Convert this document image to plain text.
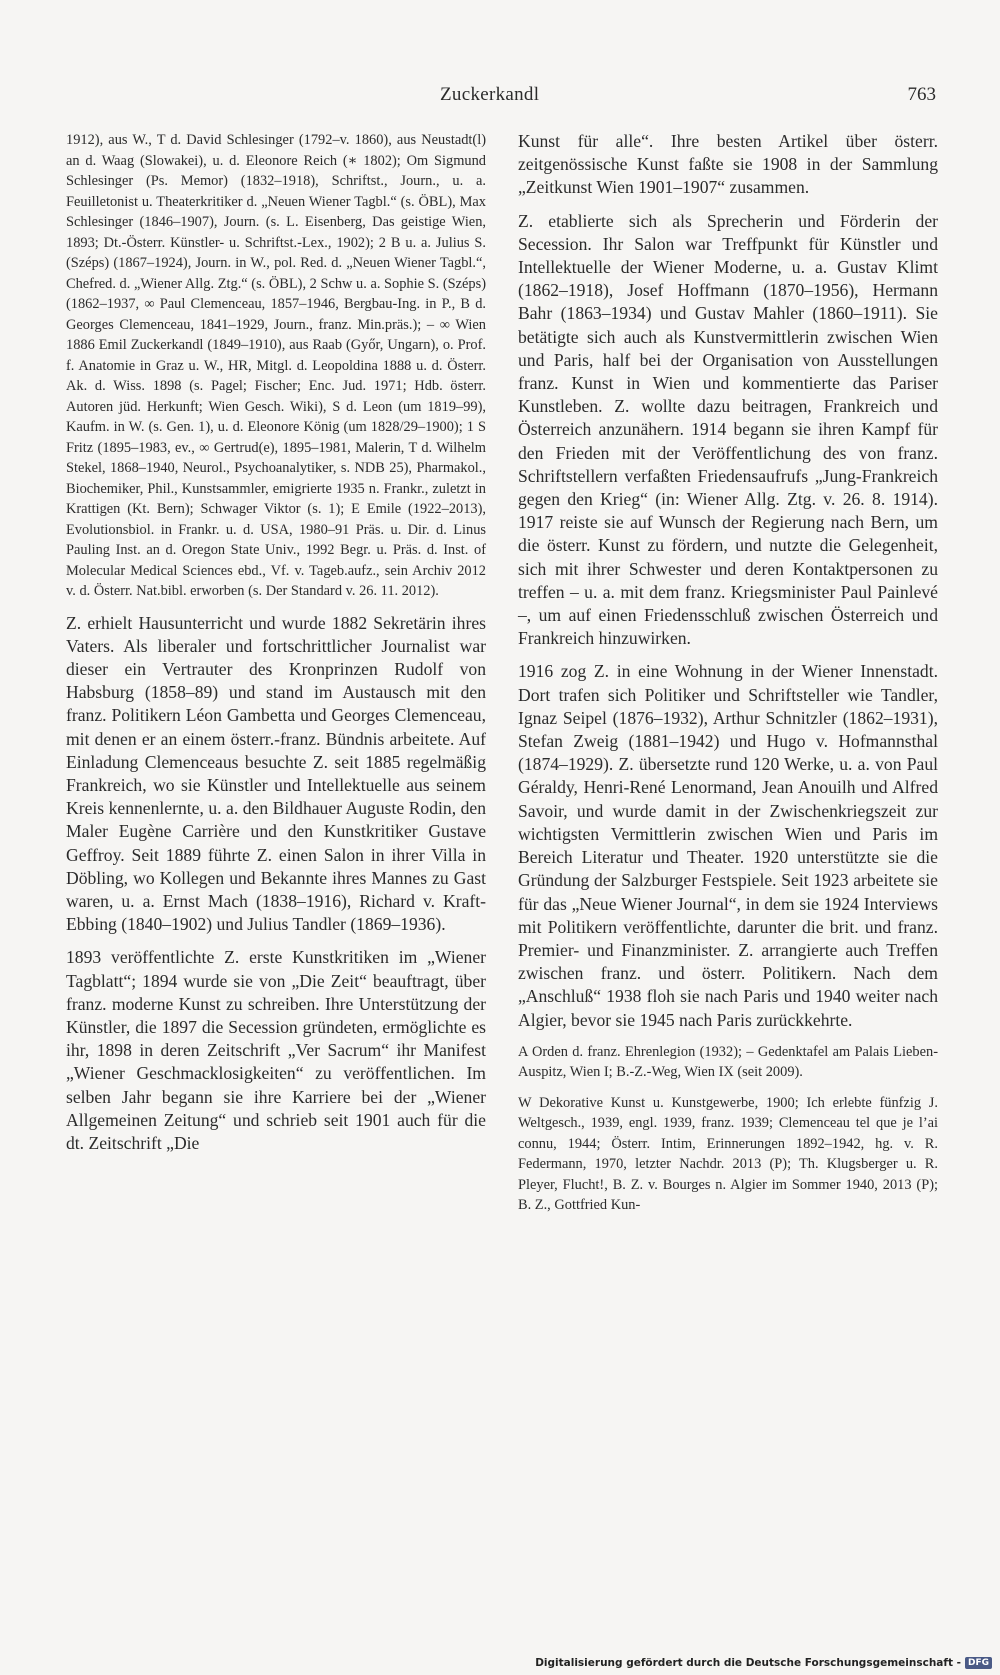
Zuckerkandl	763

1912), aus W., T d. David Schlesinger (1792–v. 1860), aus Neustadt(l) an d. Waag (Slowakei), u. d. Eleonore Reich (∗ 1802); Om Sigmund Schlesinger (Ps. Memor) (1832–1918), Schriftst., Journ., u. a. Feuilletonist u. Theaterkritiker d. „Neuen Wiener Tagbl.“ (s. ÖBL), Max Schlesinger (1846–1907), Journ. (s. L. Eisenberg, Das geistige Wien, 1893; Dt.-Österr. Künstler- u. Schriftst.-Lex., 1902); 2 B u. a. Julius S. (Széps) (1867–1924), Journ. in W., pol. Red. d. „Neuen Wiener Tagbl.“, Chefred. d. „Wiener Allg. Ztg.“ (s. ÖBL), 2 Schw u. a. Sophie S. (Széps) (1862–1937, ∞ Paul Clemenceau, 1857–1946, Bergbau-Ing. in P., B d. Georges Clemenceau, 1841–1929, Journ., franz. Min.präs.); – ∞ Wien 1886 Emil Zuckerkandl (1849–1910), aus Raab (Győr, Ungarn), o. Prof. f. Anatomie in Graz u. W., HR, Mitgl. d. Leopoldina 1888 u. d. Österr. Ak. d. Wiss. 1898 (s. Pagel; Fischer; Enc. Jud. 1971; Hdb. österr. Autoren jüd. Herkunft; Wien Gesch. Wiki), S d. Leon (um 1819–99), Kaufm. in W. (s. Gen. 1), u. d. Eleonore König (um 1828/29–1900); 1 S Fritz (1895–1983, ev., ∞ Gertrud(e), 1895–1981, Malerin, T d. Wilhelm Stekel, 1868–1940, Neurol., Psychoanalytiker, s. NDB 25), Pharmakol., Biochemiker, Phil., Kunstsammler, emigrierte 1935 n. Frankr., zuletzt in Krattigen (Kt. Bern); Schwager Viktor (s. 1); E Emile (1922–2013), Evolutionsbiol. in Frankr. u. d. USA, 1980–91 Präs. u. Dir. d. Linus Pauling Inst. an d. Oregon State Univ., 1992 Begr. u. Präs. d. Inst. of Molecular Medical Sciences ebd., Vf. v. Tageb.aufz., sein Archiv 2012 v. d. Österr. Nat.bibl. erworben (s. Der Standard v. 26. 11. 2012).

Z. erhielt Hausunterricht und wurde 1882 Sekretärin ihres Vaters. Als liberaler und fortschrittlicher Journalist war dieser ein Vertrauter des Kronprinzen Rudolf von Habsburg (1858–89) und stand im Austausch mit den franz. Politikern Léon Gambetta und Georges Clemenceau, mit denen er an einem österr.-franz. Bündnis arbeitete. Auf Einladung Clemenceaus besuchte Z. seit 1885 regelmäßig Frankreich, wo sie Künstler und Intellektuelle aus seinem Kreis kennenlernte, u. a. den Bildhauer Auguste Rodin, den Maler Eugène Carrière und den Kunstkritiker Gustave Geffroy. Seit 1889 führte Z. einen Salon in ihrer Villa in Döbling, wo Kollegen und Bekannte ihres Mannes zu Gast waren, u. a. Ernst Mach (1838–1916), Richard v. Kraft-Ebbing (1840–1902) und Julius Tandler (1869–1936).

1893 veröffentlichte Z. erste Kunstkritiken im „Wiener Tagblatt“; 1894 wurde sie von „Die Zeit“ beauftragt, über franz. moderne Kunst zu schreiben. Ihre Unterstützung der Künstler, die 1897 die Secession gründeten, ermöglichte es ihr, 1898 in deren Zeitschrift „Ver Sacrum“ ihr Manifest „Wiener Geschmacklosigkeiten“ zu veröffentlichen. Im selben Jahr begann sie ihre Karriere bei der „Wiener Allgemeinen Zeitung“ und schrieb seit 1901 auch für die dt. Zeitschrift „Die

Kunst für alle“. Ihre besten Artikel über österr. zeitgenössische Kunst faßte sie 1908 in der Sammlung „Zeitkunst Wien 1901–1907“ zusammen.

Z. etablierte sich als Sprecherin und Förderin der Secession. Ihr Salon war Treffpunkt für Künstler und Intellektuelle der Wiener Moderne, u. a. Gustav Klimt (1862–1918), Josef Hoffmann (1870–1956), Hermann Bahr (1863–1934) und Gustav Mahler (1860–1911). Sie betätigte sich auch als Kunstvermittlerin zwischen Wien und Paris, half bei der Organisation von Ausstellungen franz. Kunst in Wien und kommentierte das Pariser Kunstleben. Z. wollte dazu beitragen, Frankreich und Österreich anzunähern. 1914 begann sie ihren Kampf für den Frieden mit der Veröffentlichung des von franz. Schriftstellern verfaßten Friedensaufrufs „Jung-Frankreich gegen den Krieg“ (in: Wiener Allg. Ztg. v. 26. 8. 1914). 1917 reiste sie auf Wunsch der Regierung nach Bern, um die österr. Kunst zu fördern, und nutzte die Gelegenheit, sich mit ihrer Schwester und deren Kontaktpersonen zu treffen – u. a. mit dem franz. Kriegsminister Paul Painlevé –, um auf einen Friedensschluß zwischen Österreich und Frankreich hinzuwirken.

1916 zog Z. in eine Wohnung in der Wiener Innenstadt. Dort trafen sich Politiker und Schriftsteller wie Tandler, Ignaz Seipel (1876–1932), Arthur Schnitzler (1862–1931), Stefan Zweig (1881–1942) und Hugo v. Hofmannsthal (1874–1929). Z. übersetzte rund 120 Werke, u. a. von Paul Géraldy, Henri-René Lenormand, Jean Anouilh und Alfred Savoir, und wurde damit in der Zwischenkriegszeit zur wichtigsten Vermittlerin zwischen Wien und Paris im Bereich Literatur und Theater. 1920 unterstützte sie die Gründung der Salzburger Festspiele. Seit 1923 arbeitete sie für das „Neue Wiener Journal“, in dem sie 1924 Interviews mit Politikern veröffentlichte, darunter die brit. und franz. Premier- und Finanzminister. Z. arrangierte auch Treffen zwischen franz. und österr. Politikern. Nach dem „Anschluß“ 1938 floh sie nach Paris und 1940 weiter nach Algier, bevor sie 1945 nach Paris zurückkehrte.

A Orden d. franz. Ehrenlegion (1932); – Gedenktafel am Palais Lieben-Auspitz, Wien I; B.-Z.-Weg, Wien IX (seit 2009).

W Dekorative Kunst u. Kunstgewerbe, 1900; Ich erlebte fünfzig J. Weltgesch., 1939, engl. 1939, franz. 1939; Clemenceau tel que je l’ai connu, 1944; Österr. Intim, Erinnerungen 1892–1942, hg. v. R. Federmann, 1970, letzter Nachdr. 2013 (P); Th. Klugsberger u. R. Pleyer, Flucht!, B. Z. v. Bourges n. Algier im Sommer 1940, 2013 (P); B. Z., Gottfried Kun-

Digitalisierung gefördert durch die Deutsche Forschungsgemeinschaft - DFG
